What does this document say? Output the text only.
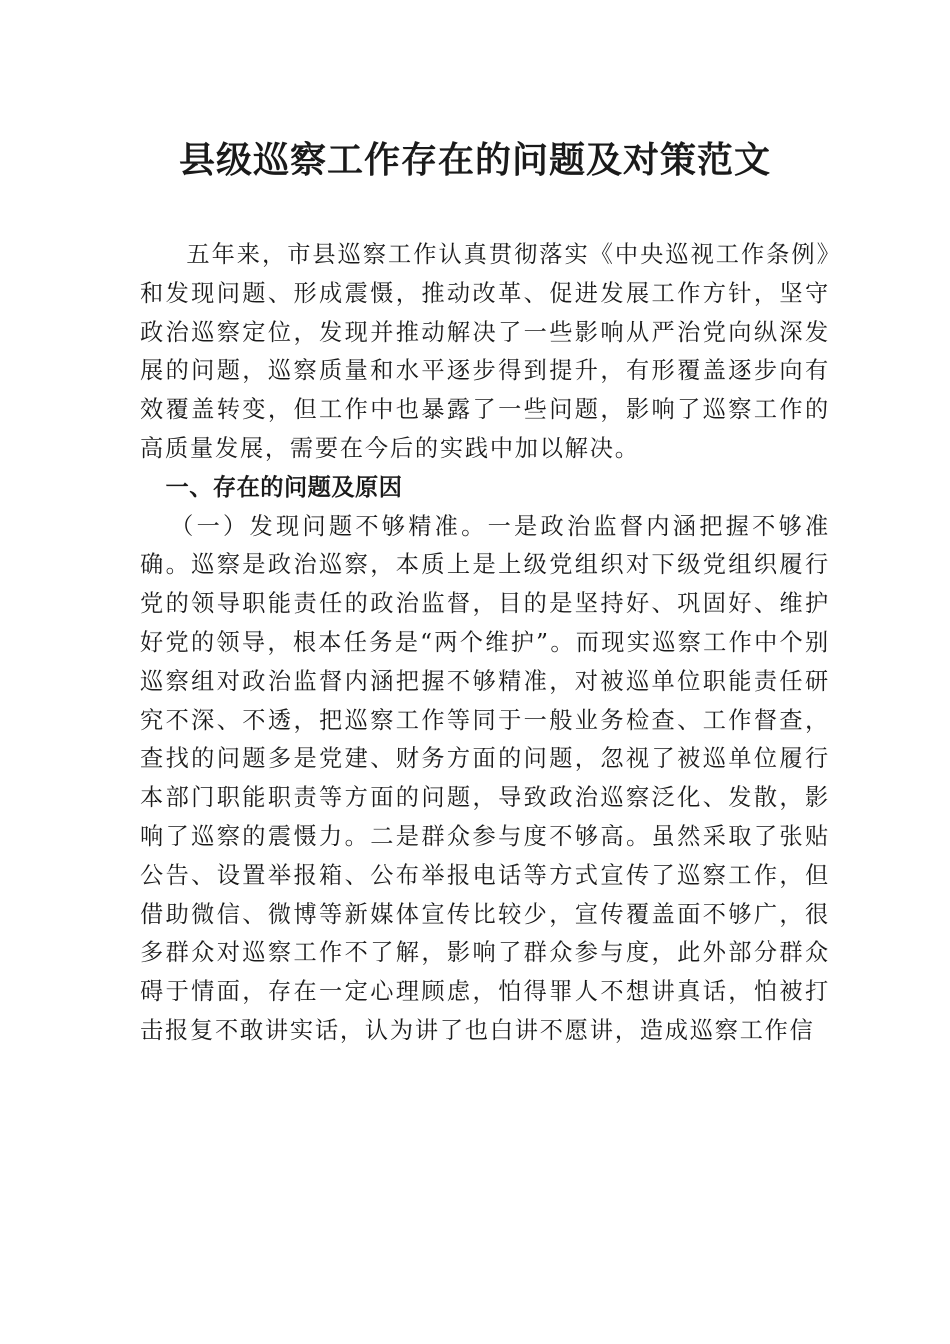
县级巡察工作存在的问题及对策范文

五年来，市县巡察工作认真贯彻落实《中央巡视工作条例》和发现问题、形成震慑，推动改革、促进发展工作方针，坚守政治巡察定位，发现并推动解决了一些影响从严治党向纵深发展的问题，巡察质量和水平逐步得到提升，有形覆盖逐步向有效覆盖转变，但工作中也暴露了一些问题，影响了巡察工作的高质量发展，需要在今后的实践中加以解决。

一、存在的问题及原因

（一）发现问题不够精准。一是政治监督内涵把握不够准确。巡察是政治巡察，本质上是上级党组织对下级党组织履行党的领导职能责任的政治监督，目的是坚持好、巩固好、维护好党的领导，根本任务是“两个维护”。而现实巡察工作中个别巡察组对政治监督内涵把握不够精准，对被巡单位职能责任研究不深、不透，把巡察工作等同于一般业务检查、工作督查，查找的问题多是党建、财务方面的问题，忽视了被巡单位履行本部门职能职责等方面的问题，导致政治巡察泛化、发散，影响了巡察的震慑力。二是群众参与度不够高。虽然采取了张贴公告、设置举报箱、公布举报电话等方式宣传了巡察工作，但借助微信、微博等新媒体宣传比较少，宣传覆盖面不够广，很多群众对巡察工作不了解，影响了群众参与度，此外部分群众碍于情面，存在一定心理顾虑，怕得罪人不想讲真话，怕被打击报复不敢讲实话，认为讲了也白讲不愿讲，造成巡察工作信
